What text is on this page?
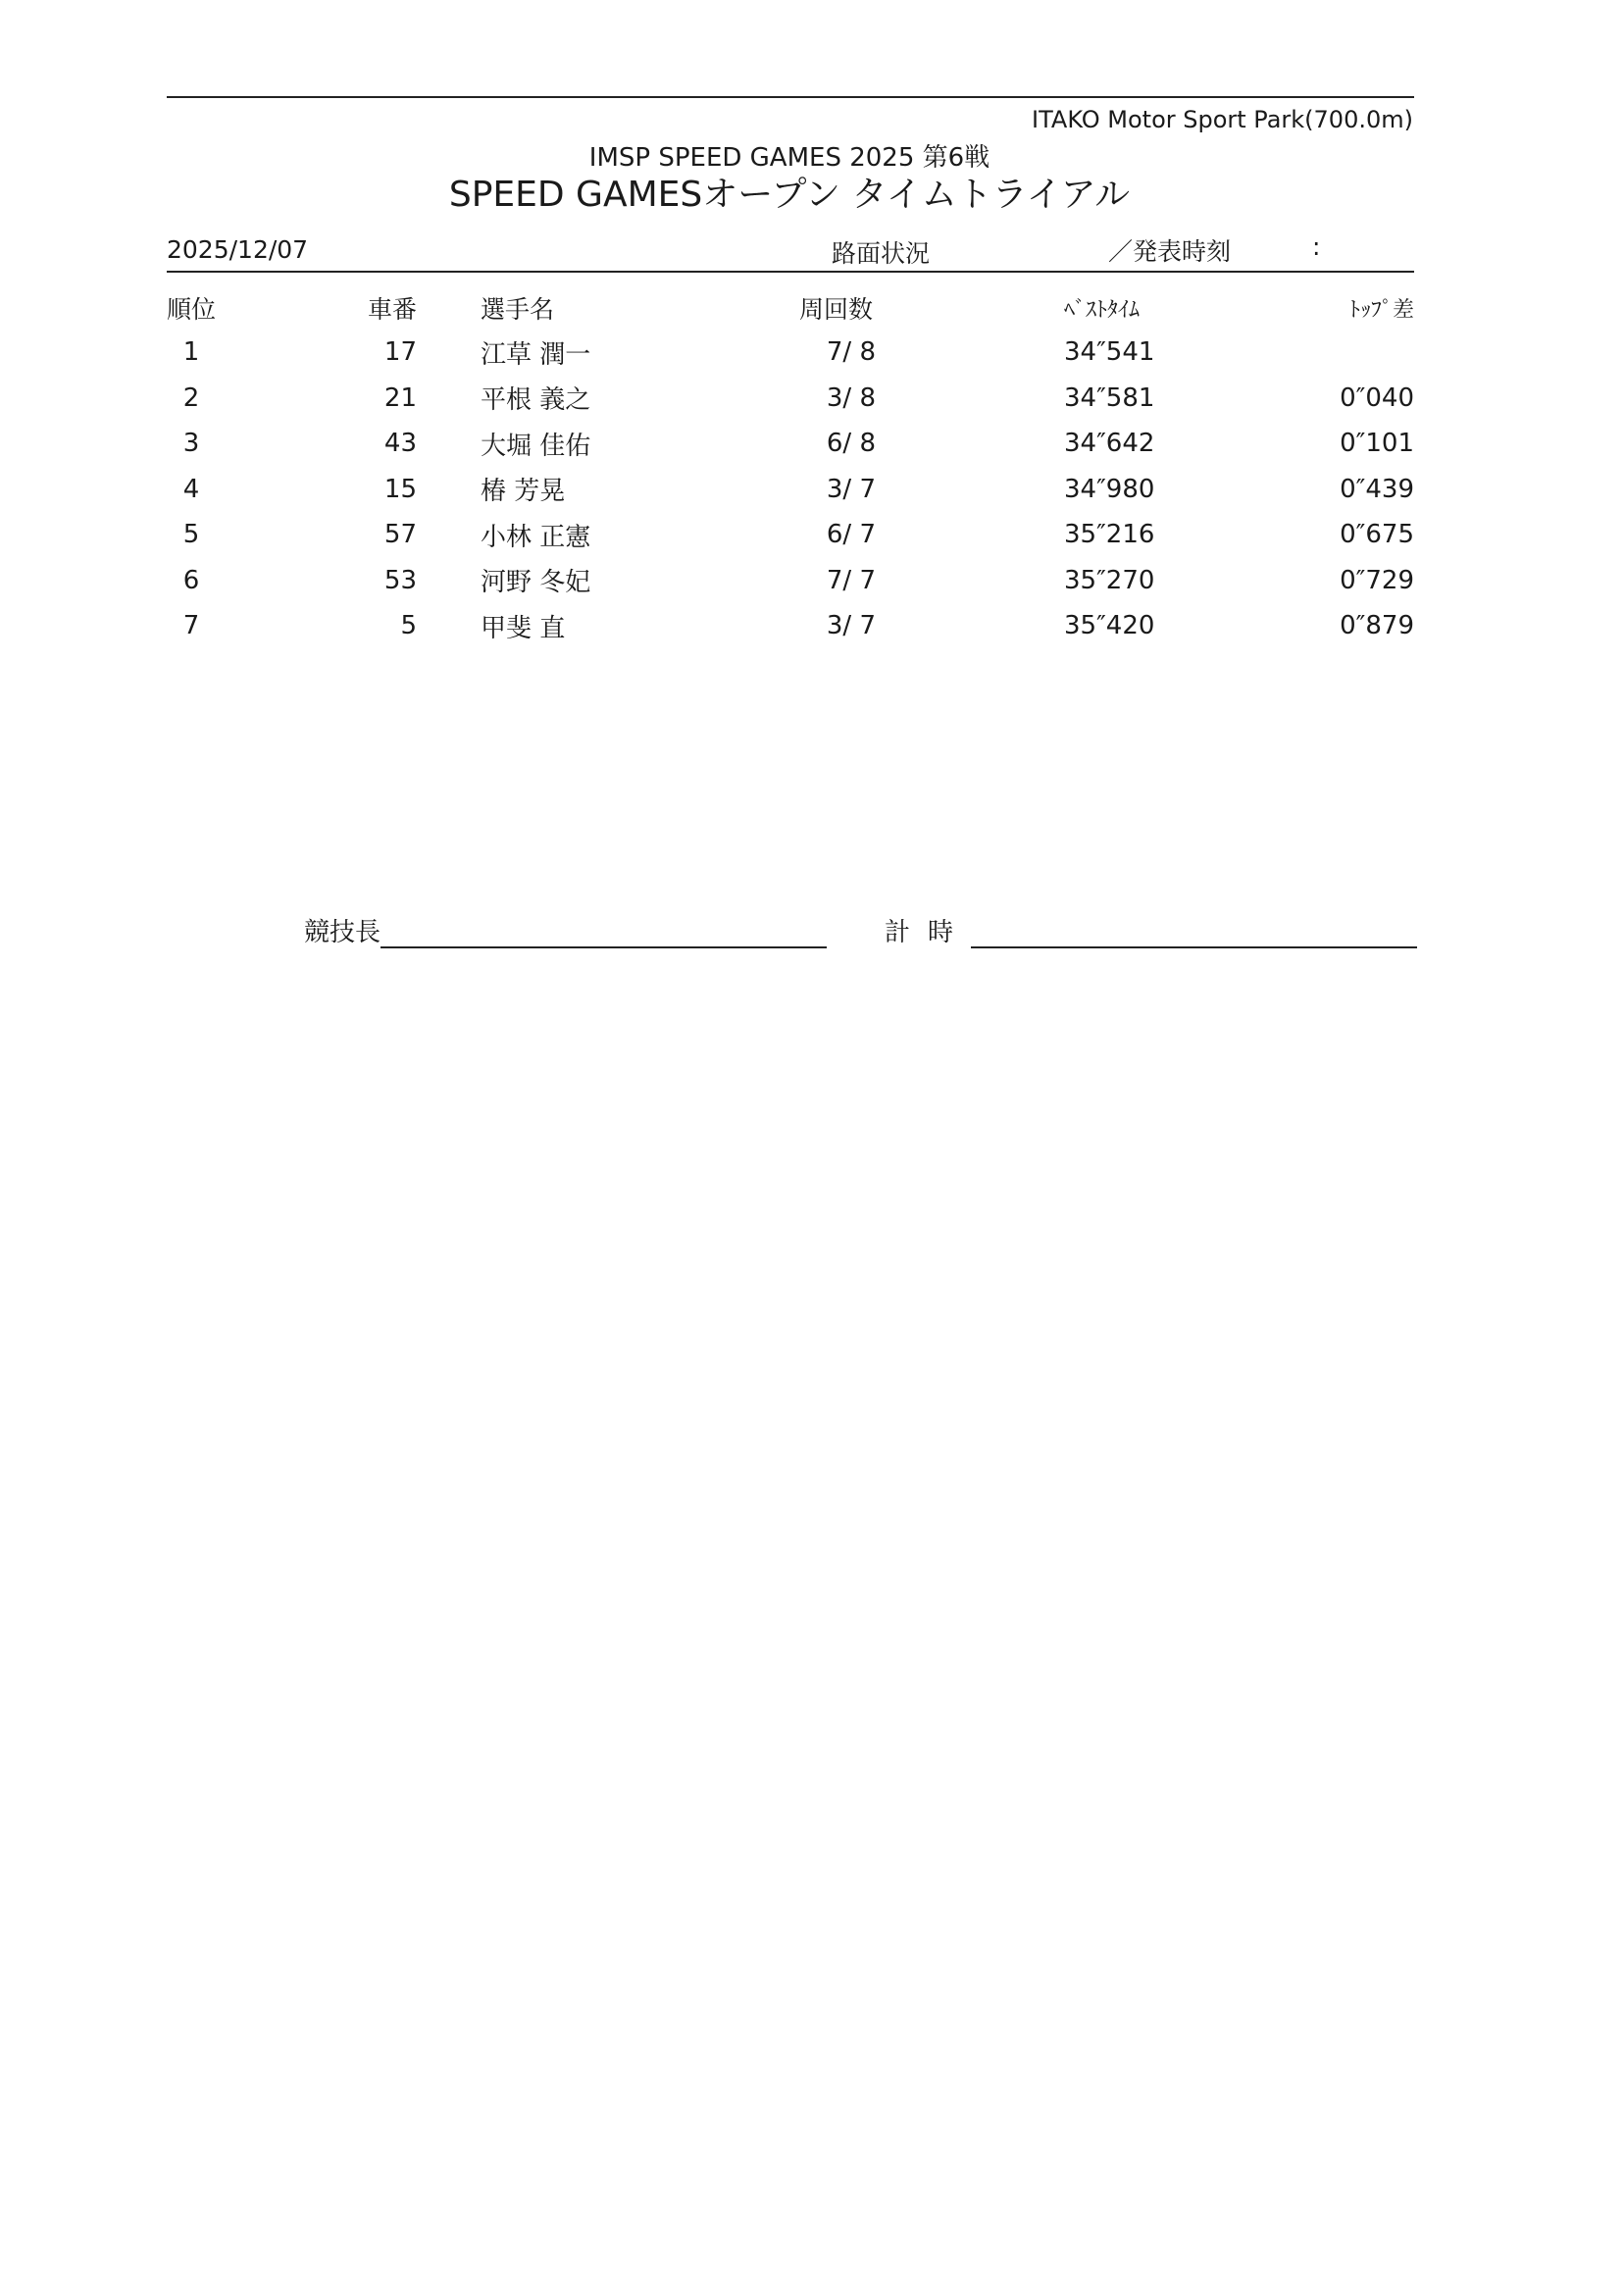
ITAKO Motor Sport Park(700.0m)
IMSP SPEED GAMES 2025 第6戦
SPEED GAMESオープン タイムトライアル
2025/12/07	路面状況	／発表時刻	:
順位	車番	選手名	周回数	ﾍﾞｽﾄﾀｲﾑ	ﾄｯﾌﾟ差
1	17	江草 潤一	7/ 8	34″541	
2	21	平根 義之	3/ 8	34″581	0″040
3	43	大堀 佳佑	6/ 8	34″642	0″101
4	15	椿 芳晃	3/ 7	34″980	0″439
5	57	小林 正憲	6/ 7	35″216	0″675
6	53	河野 冬妃	7/ 7	35″270	0″729
7	5	甲斐 直	3/ 7	35″420	0″879
競技長	計時
